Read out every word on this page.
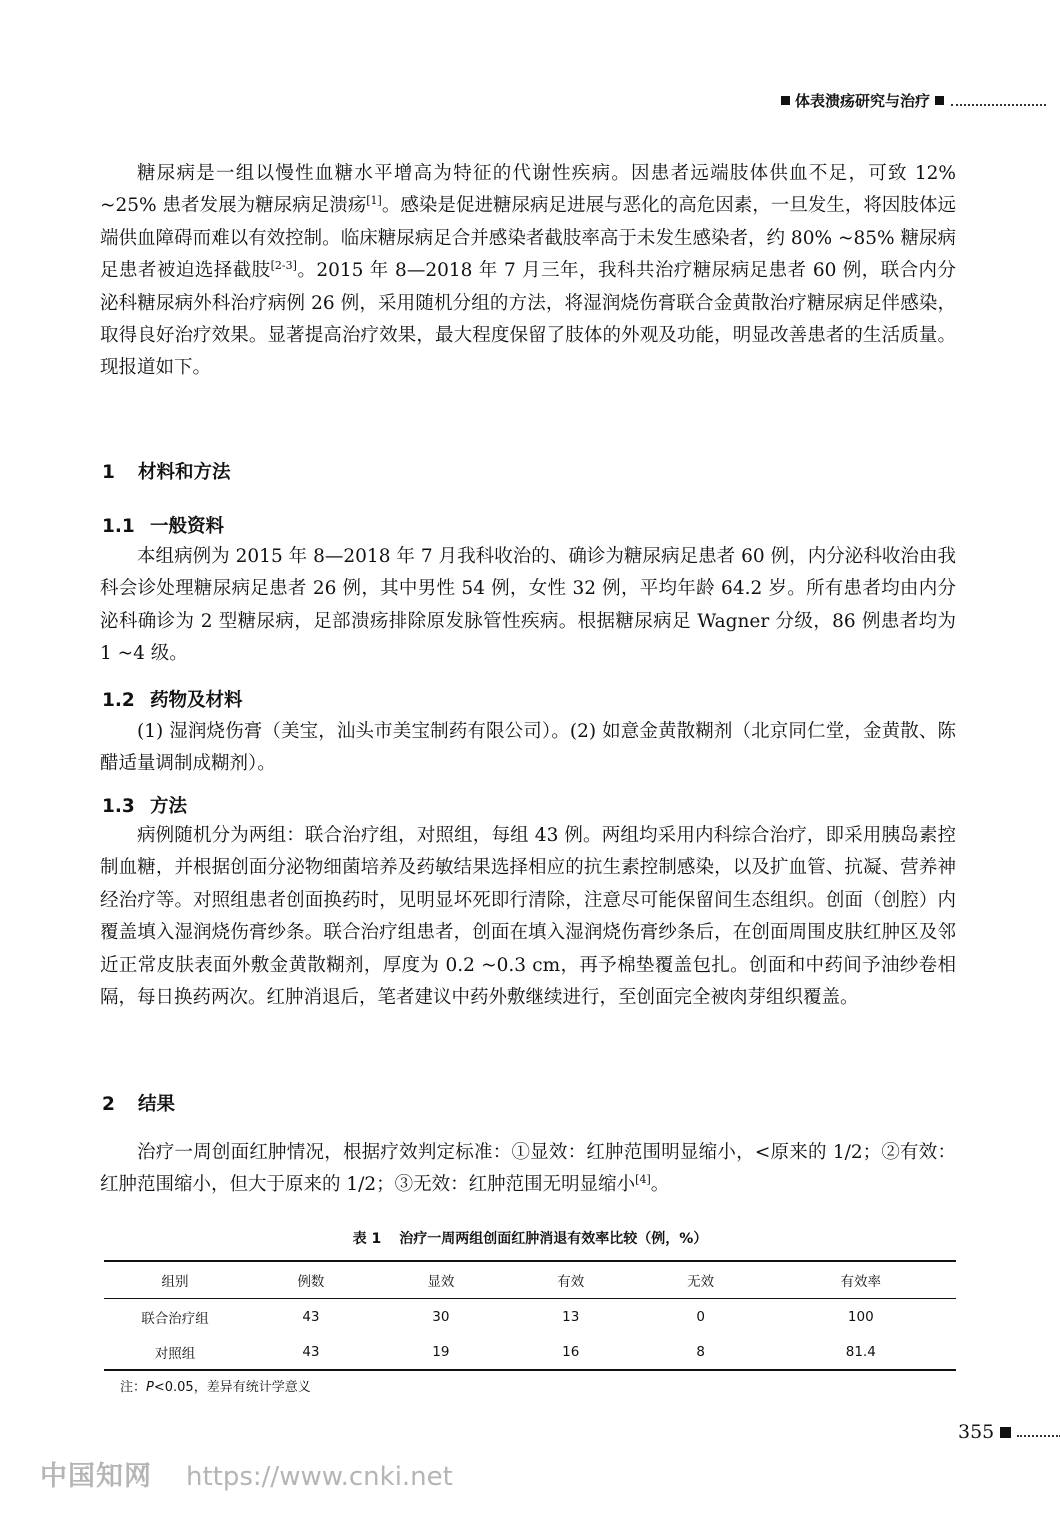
体表溃疡研究与治疗

糖尿病是一组以慢性血糖水平增高为特征的代谢性疾病。因患者远端肢体供血不足，可致 12% ~25% 患者发展为糖尿病足溃疡[1]。感染是促进糖尿病足进展与恶化的高危因素，一旦发生，将因肢体远端供血障碍而难以有效控制。临床糖尿病足合并感染者截肢率高于未发生感染者，约 80% ~85% 糖尿病足患者被迫选择截肢[2-3]。2015 年 8—2018 年 7 月三年，我科共治疗糖尿病足患者 60 例，联合内分泌科糖尿病外科治疗病例 26 例，采用随机分组的方法，将湿润烧伤膏联合金黄散治疗糖尿病足伴感染，取得良好治疗效果。显著提高治疗效果，最大程度保留了肢体的外观及功能，明显改善患者的生活质量。现报道如下。

1 材料和方法
1.1 一般资料

本组病例为 2015 年 8—2018 年 7 月我科收治的、确诊为糖尿病足患者 60 例，内分泌科收治由我科会诊处理糖尿病足患者 26 例，其中男性 54 例，女性 32 例，平均年龄 64.2 岁。所有患者均由内分泌科确诊为 2 型糖尿病，足部溃疡排除原发脉管性疾病。根据糖尿病足 Wagner 分级，86 例患者均为 1 ~4 级。

1.2 药物及材料

(1) 湿润烧伤膏（美宝，汕头市美宝制药有限公司）。(2) 如意金黄散糊剂（北京同仁堂，金黄散、陈醋适量调制成糊剂）。

1.3 方法

病例随机分为两组：联合治疗组，对照组，每组 43 例。两组均采用内科综合治疗，即采用胰岛素控制血糖，并根据创面分泌物细菌培养及药敏结果选择相应的抗生素控制感染，以及扩血管、抗凝、营养神经治疗等。对照组患者创面换药时，见明显坏死即行清除，注意尽可能保留间生态组织。创面（创腔）内覆盖填入湿润烧伤膏纱条。联合治疗组患者，创面在填入湿润烧伤膏纱条后，在创面周围皮肤红肿区及邻近正常皮肤表面外敷金黄散糊剂，厚度为 0.2 ~0.3 cm，再予棉垫覆盖包扎。创面和中药间予油纱卷相隔，每日换药两次。红肿消退后，笔者建议中药外敷继续进行，至创面完全被肉芽组织覆盖。

2 结果

治疗一周创面红肿情况，根据疗效判定标准：①显效：红肿范围明显缩小，<原来的 1/2；②有效：红肿范围缩小，但大于原来的 1/2；③无效：红肿范围无明显缩小[4]。

表 1 治疗一周两组创面红肿消退有效率比较（例，%）
组别	例数	显效	有效	无效	有效率
联合治疗组	43	30	13	0	100
对照组	43	19	16	8	81.4
注：P<0.05，差异有统计学意义
355
中国知网 https://www.cnki.net
